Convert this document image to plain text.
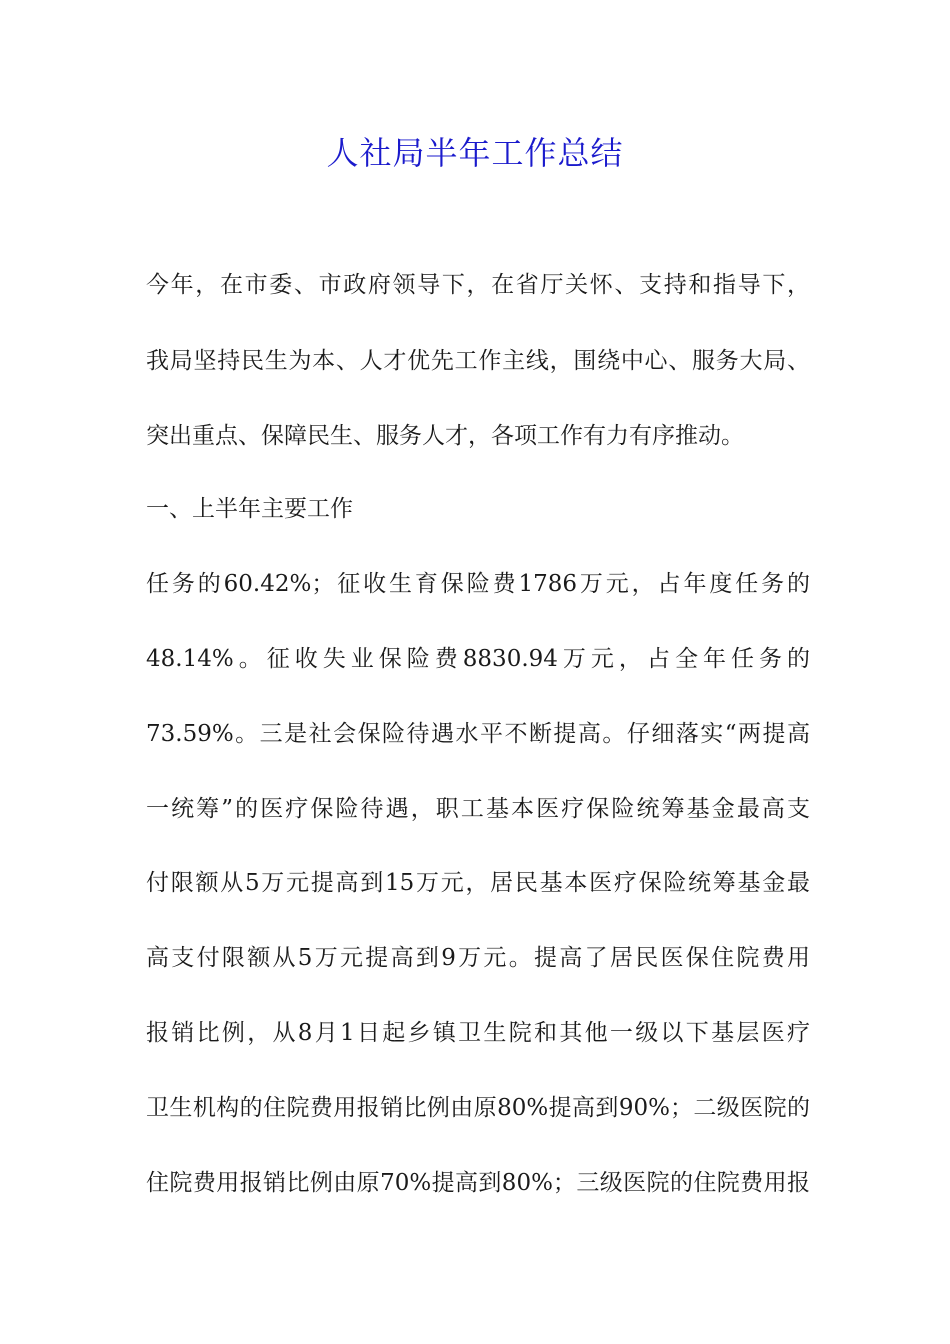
人社局半年工作总结

今年，在市委、市政府领导下，在省厅关怀、支持和指导下，

我局坚持民生为本、人才优先工作主线，围绕中心、服务大局、

突出重点、保障民生、服务人才，各项工作有力有序推动。

一、上半年主要工作

任务的60.42%；征收生育保险费1786万元，占年度任务的

48.14%。征收失业保险费8830.94万元，占全年任务的

73.59%。三是社会保险待遇水平不断提高。仔细落实“两提高

一统筹”的医疗保险待遇，职工基本医疗保险统筹基金最高支

付限额从5万元提高到15万元，居民基本医疗保险统筹基金最

高支付限额从5万元提高到9万元。提高了居民医保住院费用

报销比例，从8月1日起乡镇卫生院和其他一级以下基层医疗

卫生机构的住院费用报销比例由原80%提高到90%；二级医院的

住院费用报销比例由原70%提高到80%；三级医院的住院费用报
